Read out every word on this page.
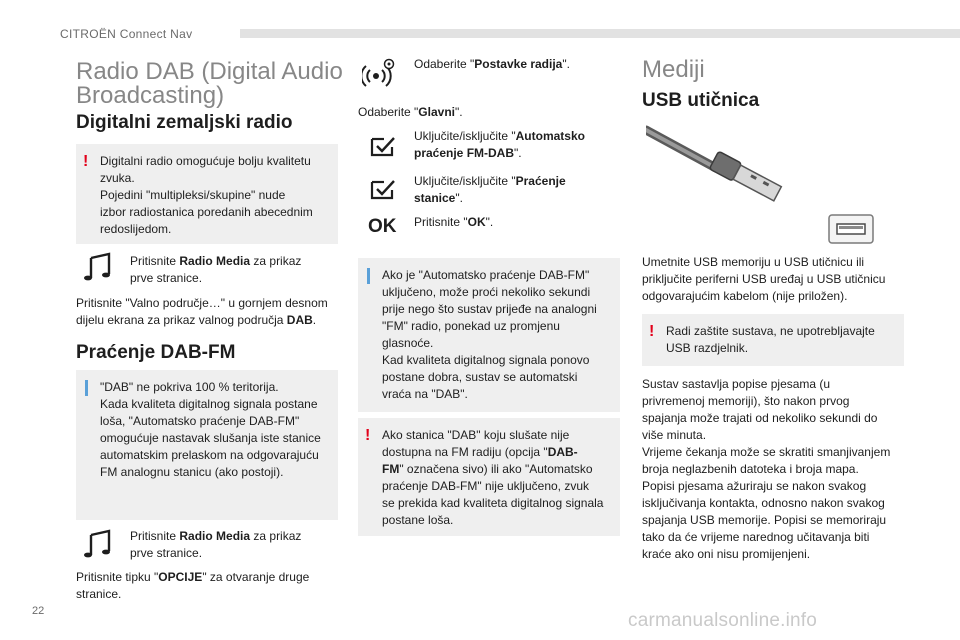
CITROËN Connect Nav
Radio DAB (Digital Audio
Broadcasting)
Digitalni zemaljski radio
! Digitalni radio omogućuje bolju kvalitetu

zvuka.

Pojedini "multipleksi/skupine" nude

izbor radiostanica poredanih abecednim

redoslijedom.

Pritisnite Radio Media za prikaz

prve stranice.

Pritisnite "Valno područje…" u gornjem desnom

dijelu ekrana za prikaz valnog područja DAB.

Praćenje DAB-FM

"DAB" ne pokriva 100 % teritorija.

Kada kvaliteta digitalnog signala postane

loša, "Automatsko praćenje DAB-FM"

omogućuje nastavak slušanja iste stanice

automatskim prelaskom na odgovarajuću

FM analognu stanicu (ako postoji).

Pritisnite Radio Media za prikaz

prve stranice.

Pritisnite tipku "OPCIJE" za otvaranje druge

stranice.

Odaberite "Postavke radija".

Odaberite "Glavni".

Uključite/isključite "Automatsko

praćenje FM-DAB".

Uključite/isključite "Praćenje

stanice".

OK Pritisnite "OK".

Ako je "Automatsko praćenje DAB-FM"

uključeno, može proći nekoliko sekundi

prije nego što sustav prijeđe na analogni

"FM" radio, ponekad uz promjenu

glasnoće.

Kad kvaliteta digitalnog signala ponovo

postane dobra, sustav se automatski

vraća na "DAB".

! Ako stanica "DAB" koju slušate nije

dostupna na FM radiju (opcija "DAB-

FM" označena sivo) ili ako "Automatsko

praćenje DAB-FM" nije uključeno, zvuk

se prekida kad kvaliteta digitalnog signala

postane loša.

Mediji
USB utičnica

Umetnite USB memoriju u USB utičnicu ili

priključite periferni USB uređaj u USB utičnicu

odgovarajućim kabelom (nije priložen).

! Radi zaštite sustava, ne upotrebljavajte

USB razdjelnik.

Sustav sastavlja popise pjesama (u

privremenoj memoriji), što nakon prvog

spajanja može trajati od nekoliko sekundi do

više minuta.

Vrijeme čekanja može se skratiti smanjivanjem

broja neglazbenih datoteka i broja mapa.

Popisi pjesama ažuriraju se nakon svakog

isključivanja kontakta, odnosno nakon svakog

spajanja USB memorije. Popisi se memoriraju

tako da će vrijeme narednog učitavanja biti

kraće ako oni nisu promijenjeni.

22	carmanualsonline.info
